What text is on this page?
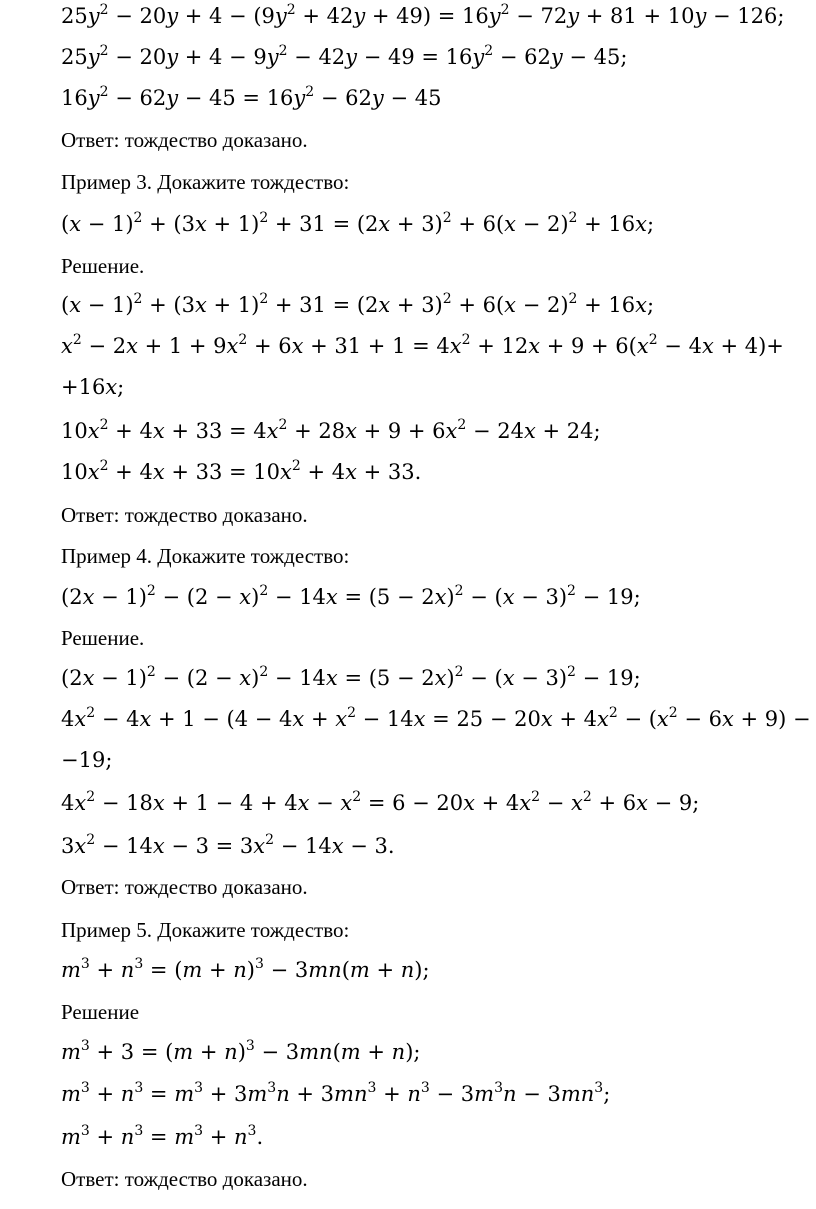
$25y^2 - 20y + 4 - (9y^2 + 42y + 49) = 16y^2 - 72y + 81 + 10y - 126$;
$25y^2 - 20y + 4 - 9y^2 - 42y - 49 = 16y^2 - 62y - 45$;
$16y^2 - 62y - 45 = 16y^2 - 62y - 45$
Ответ: тождество доказано.
Пример 3. Докажите тождество:
$(x - 1)^2 + (3x + 1)^2 + 31 = (2x + 3)^2 + 6(x - 2)^2 + 16x$;
Решение.
$(x - 1)^2 + (3x + 1)^2 + 31 = (2x + 3)^2 + 6(x - 2)^2 + 16x$;
$x^2 - 2x + 1 + 9x^2 + 6x + 31 + 1 = 4x^2 + 12x + 9 + 6(x^2 - 4x + 4)+$
+16x;
$10x^2 + 4x + 33 = 4x^2 + 28x + 9 + 6x^2 - 24x + 24$;
$10x^2 + 4x + 33 = 10x^2 + 4x + 33$.
Ответ: тождество доказано.
Пример 4. Докажите тождество:
$(2x - 1)^2 - (2 - x)^2 - 14x = (5 - 2x)^2 - (x - 3)^2 - 19$;
Решение.
$(2x - 1)^2 - (2 - x)^2 - 14x = (5 - 2x)^2 - (x - 3)^2 - 19$;
$4x^2 - 4x + 1 - (4 - 4x + x^2 - 14x = 25 - 20x + 4x^2 - (x^2 - 6x + 9)$ −
−19;
$4x^2 - 18x + 1 - 4 + 4x - x^2 = 6 - 20x + 4x^2 - x^2 + 6x - 9$;
$3x^2 - 14x - 3 = 3x^2 - 14x - 3$.
Ответ: тождество доказано.
Пример 5. Докажите тождество:
$m^3 + n^3 = (m + n)^3 - 3mn(m + n)$;
Решение
$m^3 + 3 = (m + n)^3 - 3mn(m + n)$;
$m^3 + n^3 = m^3 + 3m^3n + 3mn^3 + n^3 - 3m^3n - 3mn^3$;
$m^3 + n^3 = m^3 + n^3$.
Ответ: тождество доказано.
